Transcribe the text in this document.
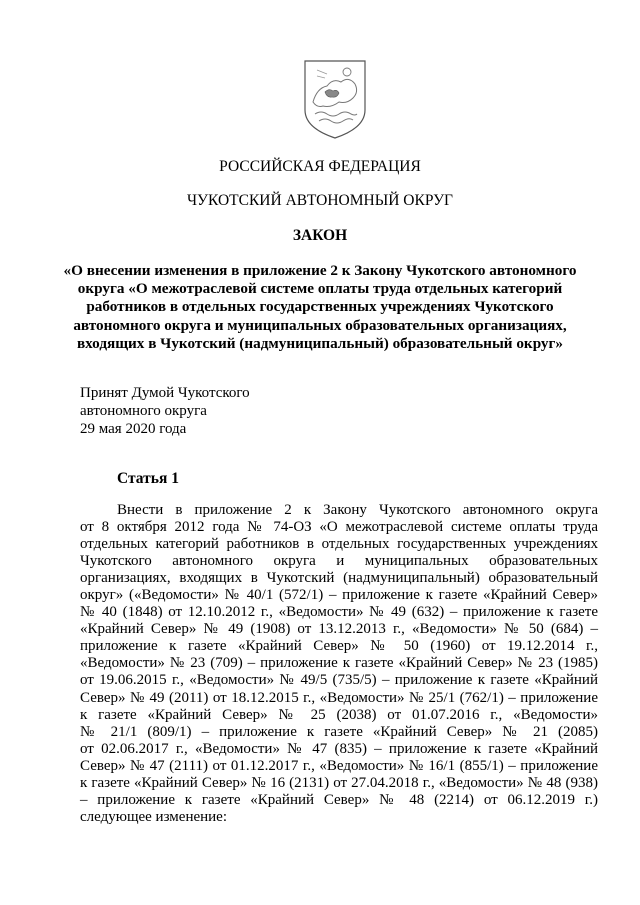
РОССИЙСКАЯ ФЕДЕРАЦИЯ
ЧУКОТСКИЙ АВТОНОМНЫЙ ОКРУГ
ЗАКОН
«О внесении изменения в приложение 2 к Закону Чукотского автономного
округа «О межотраслевой системе оплаты труда отдельных категорий
работников в отдельных государственных учреждениях Чукотского
автономного округа и муниципальных образовательных организациях,
входящих в Чукотский (надмуниципальный) образовательный округ»
Принят Думой Чукотского
автономного округа
29 мая 2020 года
Статья 1
Внести в приложение 2 к Закону Чукотского автономного округа
от 8 октября 2012 года № 74-ОЗ «О межотраслевой системе оплаты труда
отдельных категорий работников в отдельных государственных учреждениях
Чукотского автономного округа и муниципальных образовательных
организациях, входящих в Чукотский (надмуниципальный) образовательный
округ» («Ведомости» № 40/1 (572/1) – приложение к газете «Крайний Север»
№ 40 (1848) от 12.10.2012 г., «Ведомости» № 49 (632) – приложение к газете
«Крайний Север» № 49 (1908) от 13.12.2013 г., «Ведомости» № 50 (684) –
приложение к газете «Крайний Север» № 50 (1960) от 19.12.2014 г.,
«Ведомости» № 23 (709) – приложение к газете «Крайний Север» № 23 (1985)
от 19.06.2015 г., «Ведомости» № 49/5 (735/5) – приложение к газете «Крайний
Север» № 49 (2011) от 18.12.2015 г., «Ведомости» № 25/1 (762/1) – приложение
к газете «Крайний Север» № 25 (2038) от 01.07.2016 г., «Ведомости»
№ 21/1 (809/1) – приложение к газете «Крайний Север» № 21 (2085)
от 02.06.2017 г., «Ведомости» № 47 (835) – приложение к газете «Крайний
Север» № 47 (2111) от 01.12.2017 г., «Ведомости» № 16/1 (855/1) – приложение
к газете «Крайний Север» № 16 (2131) от 27.04.2018 г., «Ведомости» № 48 (938)
– приложение к газете «Крайний Север» № 48 (2214) от 06.12.2019 г.)
следующее изменение:
